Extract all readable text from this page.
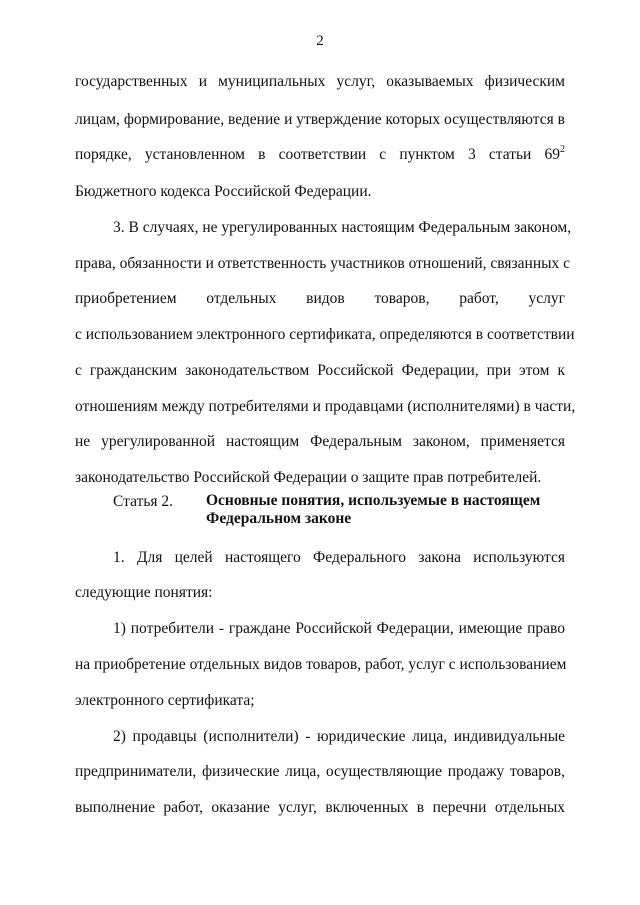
2
государственных и муниципальных услуг, оказываемых физическим
лицам, формирование, ведение и утверждение которых осуществляются в
порядке, установленном в соответствии с пунктом 3 статьи $69^2$
Бюджетного кодекса Российской Федерации.
3. В случаях, не урегулированных настоящим Федеральным законом,
права, обязанности и ответственность участников отношений, связанных с
приобретением отдельных видов товаров, работ, услуг
с использованием электронного сертификата, определяются в соответствии
с гражданским законодательством Российской Федерации, при этом к
отношениям между потребителями и продавцами (исполнителями) в части,
не урегулированной настоящим Федеральным законом, применяется
законодательство Российской Федерации о защите прав потребителей.
Статья 2. Основные понятия, используемые в настоящем
Федеральном законе
1. Для целей настоящего Федерального закона используются
следующие понятия:
1) потребители - граждане Российской Федерации, имеющие право
на приобретение отдельных видов товаров, работ, услуг с использованием
электронного сертификата;
2) продавцы (исполнители) - юридические лица, индивидуальные
предприниматели, физические лица, осуществляющие продажу товаров,
выполнение работ, оказание услуг, включенных в перечни отдельных
